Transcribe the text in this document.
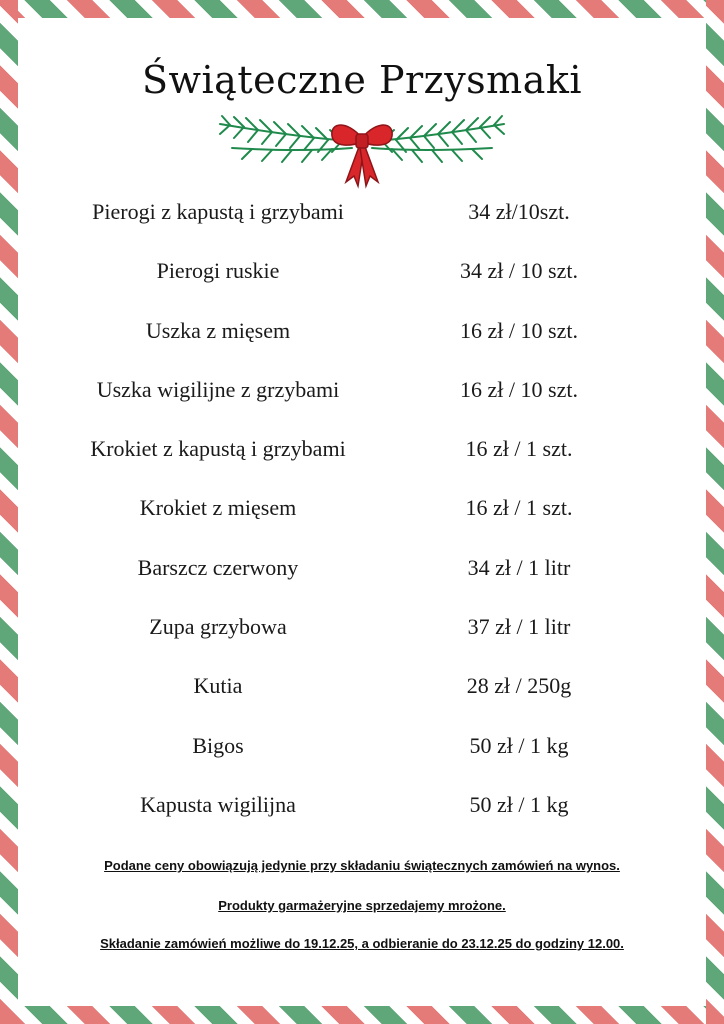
Świąteczne Przysmaki
Pierogi z kapustą i grzybami	34 zł/10szt.
Pierogi ruskie	34 zł / 10 szt.
Uszka z mięsem	16 zł / 10 szt.
Uszka wigilijne z grzybami	16 zł / 10 szt.
Krokiet z kapustą i grzybami	16 zł / 1 szt.
Krokiet z mięsem	16 zł / 1 szt.
Barszcz czerwony	34 zł / 1 litr
Zupa grzybowa	37 zł / 1 litr
Kutia	28 zł / 250g
Bigos	50 zł / 1 kg
Kapusta wigilijna	50 zł / 1 kg
Podane ceny obowiązują jedynie przy składaniu świątecznych zamówień na wynos.
Produkty garmażeryjne sprzedajemy mrożone.
Składanie zamówień możliwe do 19.12.25, a odbieranie do 23.12.25 do godziny 12.00.
